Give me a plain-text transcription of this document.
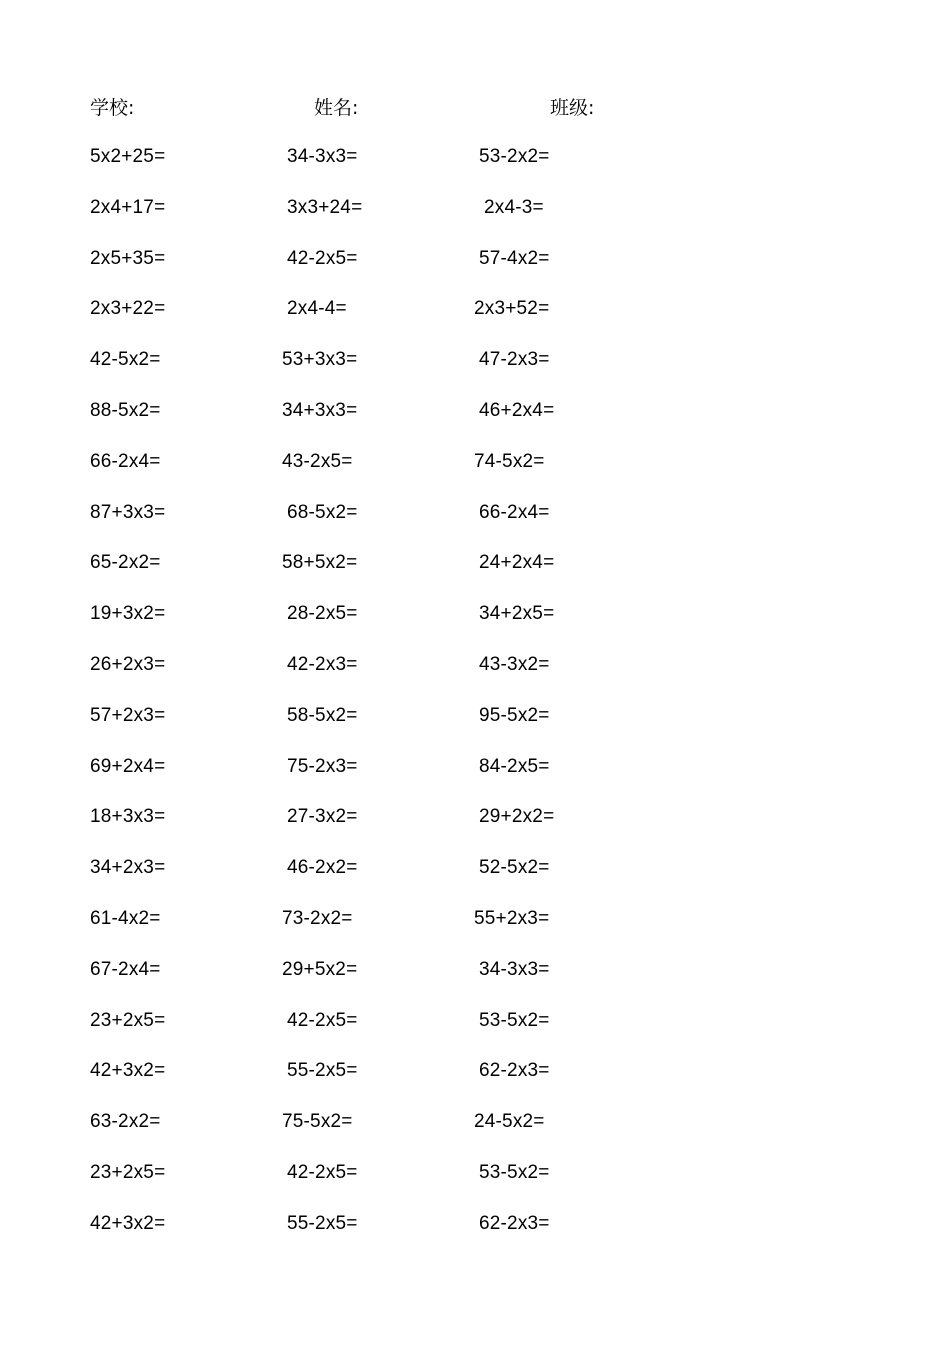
学校:	姓名:	班级:
5x2+25=	34-3x3=	53-2x2=
2x4+17=	3x3+24=	2x4-3=
2x5+35=	42-2x5=	57-4x2=
2x3+22=	2x4-4=	2x3+52=
42-5x2=	53+3x3=	47-2x3=
88-5x2=	34+3x3=	46+2x4=
66-2x4=	43-2x5=	74-5x2=
87+3x3=	68-5x2=	66-2x4=
65-2x2=	58+5x2=	24+2x4=
19+3x2=	28-2x5=	34+2x5=
26+2x3=	42-2x3=	43-3x2=
57+2x3=	58-5x2=	95-5x2=
69+2x4=	75-2x3=	84-2x5=
18+3x3=	27-3x2=	29+2x2=
34+2x3=	46-2x2=	52-5x2=
61-4x2=	73-2x2=	55+2x3=
67-2x4=	29+5x2=	34-3x3=
23+2x5=	42-2x5=	53-5x2=
42+3x2=	55-2x5=	62-2x3=
63-2x2=	75-5x2=	24-5x2=
23+2x5=	42-2x5=	53-5x2=
42+3x2=	55-2x5=	62-2x3=
